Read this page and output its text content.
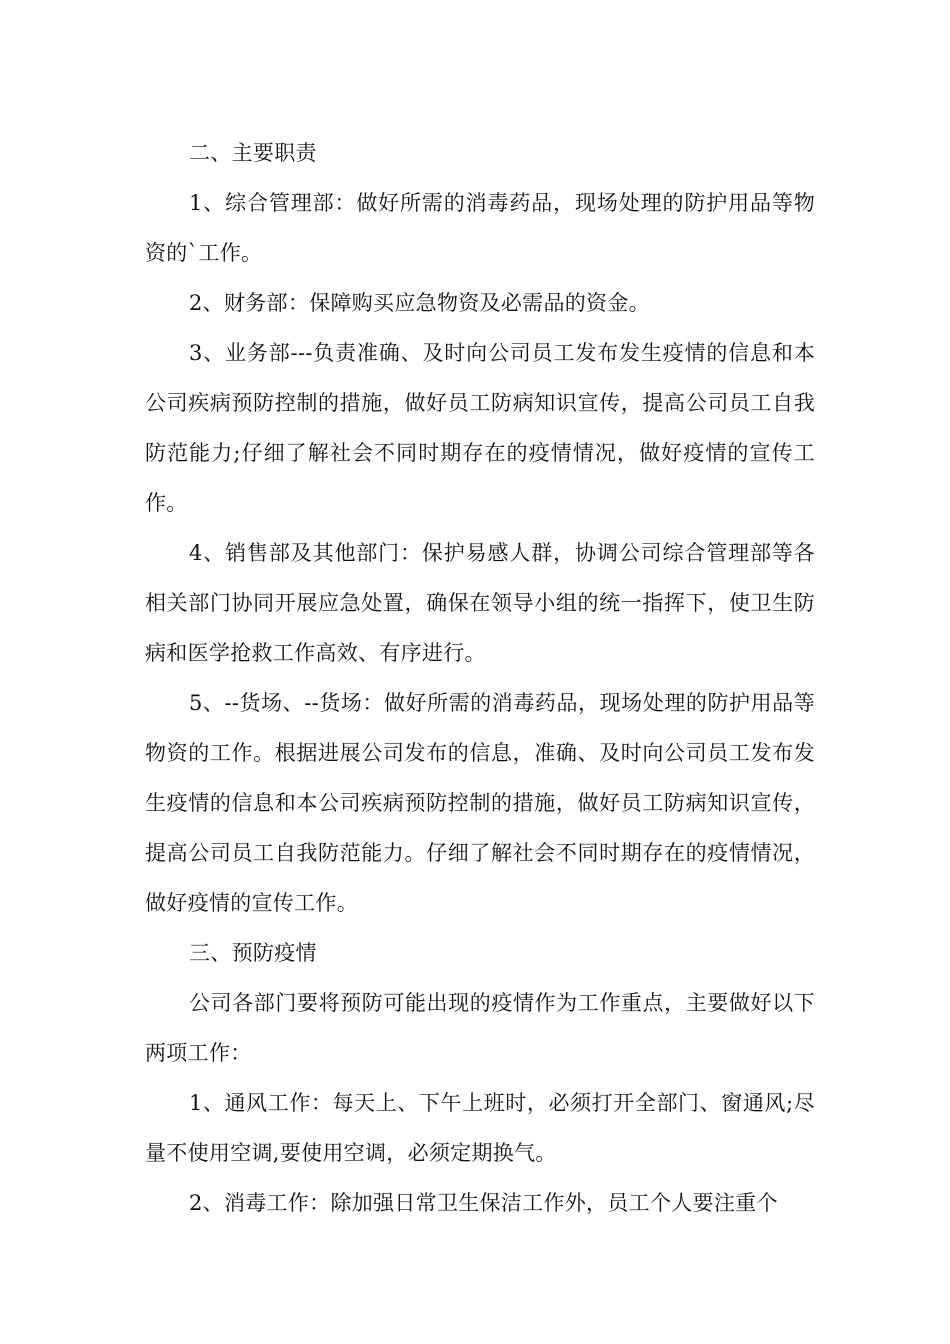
二、主要职责

1、综合管理部：做好所需的消毒药品，现场处理的防护用品等物资的`工作。

2、财务部：保障购买应急物资及必需品的资金。

3、业务部---负责准确、及时向公司员工发布发生疫情的信息和本公司疾病预防控制的措施，做好员工防病知识宣传，提高公司员工自我防范能力;仔细了解社会不同时期存在的疫情情况，做好疫情的宣传工作。

4、销售部及其他部门：保护易感人群，协调公司综合管理部等各相关部门协同开展应急处置，确保在领导小组的统一指挥下，使卫生防病和医学抢救工作高效、有序进行。

5、--货场、--货场：做好所需的消毒药品，现场处理的防护用品等物资的工作。根据进展公司发布的信息，准确、及时向公司员工发布发生疫情的信息和本公司疾病预防控制的措施，做好员工防病知识宣传，提高公司员工自我防范能力。仔细了解社会不同时期存在的疫情情况，做好疫情的宣传工作。

三、预防疫情

公司各部门要将预防可能出现的疫情作为工作重点，主要做好以下两项工作：

1、通风工作：每天上、下午上班时，必须打开全部门、窗通风;尽量不使用空调,要使用空调，必须定期换气。

2、消毒工作：除加强日常卫生保洁工作外，员工个人要注重个
